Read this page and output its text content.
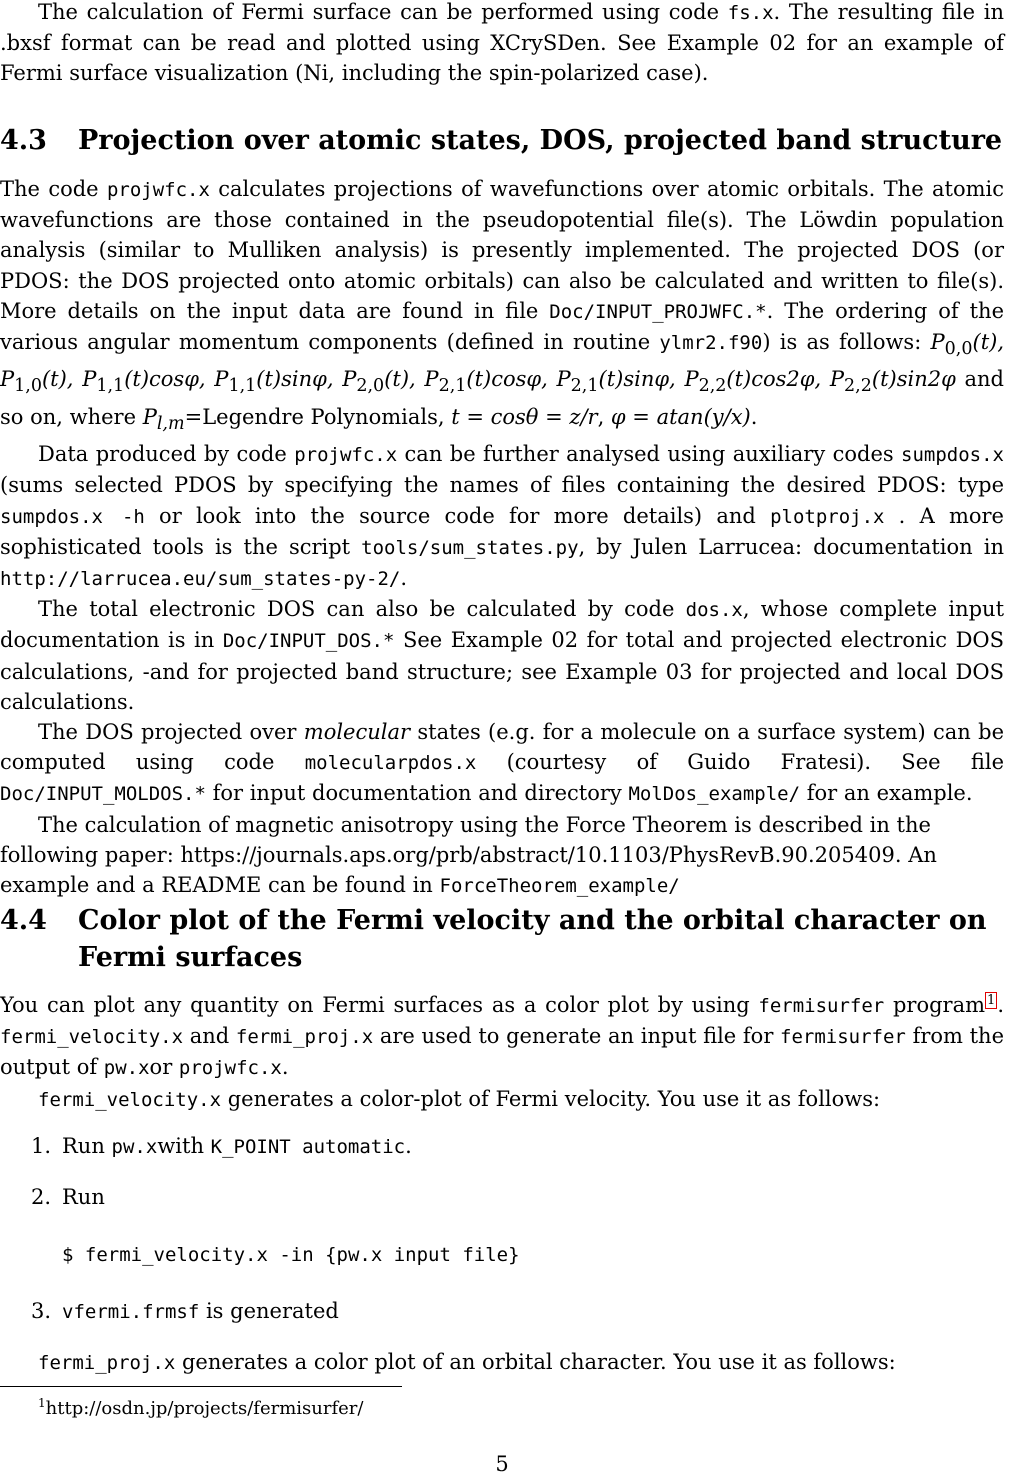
The calculation of Fermi surface can be performed using code fs.x. The resulting file in .bxsf format can be read and plotted using XCrySDen. See Example 02 for an example of Fermi surface visualization (Ni, including the spin-polarized case).

4.3 Projection over atomic states, DOS, projected band structure

The code projwfc.x calculates projections of wavefunctions over atomic orbitals. The atomic wavefunctions are those contained in the pseudopotential file(s). The Löwdin population analysis (similar to Mulliken analysis) is presently implemented. The projected DOS (or PDOS: the DOS projected onto atomic orbitals) can also be calculated and written to file(s). More details on the input data are found in file Doc/INPUT_PROJWFC.*. The ordering of the various angular momentum components (defined in routine ylmr2.f90) is as follows: $P_{0,0}(t)$, $P_{1,0}(t)$, $P_{1,1}(t)\cos\varphi$, $P_{1,1}(t)\sin\varphi$, $P_{2,0}(t)$, $P_{2,1}(t)\cos\varphi$, $P_{2,1}(t)\sin\varphi$, $P_{2,2}(t)\cos 2\varphi$, $P_{2,2}(t)\sin 2\varphi$ and so on, where $P_{l,m}=Legendre$ Polynomials, t = cosθ = z/r, φ = atan(y/x).

Data produced by code projwfc.x can be further analysed using auxiliary codes sumpdos.x (sums selected PDOS by specifying the names of files containing the desired PDOS: type sumpdos.x -h or look into the source code for more details) and plotproj.x . A more sophisticated tools is the script tools/sum_states.py, by Julen Larrucea: documentation in http://larrucea.eu/sum_states-py-2/.

The total electronic DOS can also be calculated by code dos.x, whose complete input documentation is in Doc/INPUT_DOS.* See Example 02 for total and projected electronic DOS calculations, -and for projected band structure; see Example 03 for projected and local DOS calculations.

The DOS projected over molecular states (e.g. for a molecule on a surface system) can be computed using code molecularpdos.x (courtesy of Guido Fratesi). See file Doc/INPUT_MOLDOS.* for input documentation and directory MolDos_example/ for an example.

The calculation of magnetic anisotropy using the Force Theorem is described in the following paper: https://journals.aps.org/prb/abstract/10.1103/PhysRevB.90.205409. An example and a README can be found in ForceTheorem_example/

4.4 Color plot of the Fermi velocity and the orbital character on Fermi surfaces

You can plot any quantity on Fermi surfaces as a color plot by using fermisurfer program $^1$. fermi_velocity.x and fermi_proj.x are used to generate an input file for fermisurfer from the output of pw.xor projwfc.x.

fermi_velocity.x generates a color-plot of Fermi velocity. You use it as follows:

1. Run pw.xwith K_POINT automatic.
2. Run
$ fermi_velocity.x -in {pw.x input file}
3. vfermi.frmsf is generated

fermi_proj.x generates a color plot of an orbital character. You use it as follows:

$^1$http://osdn.jp/projects/fermisurfer/
5
